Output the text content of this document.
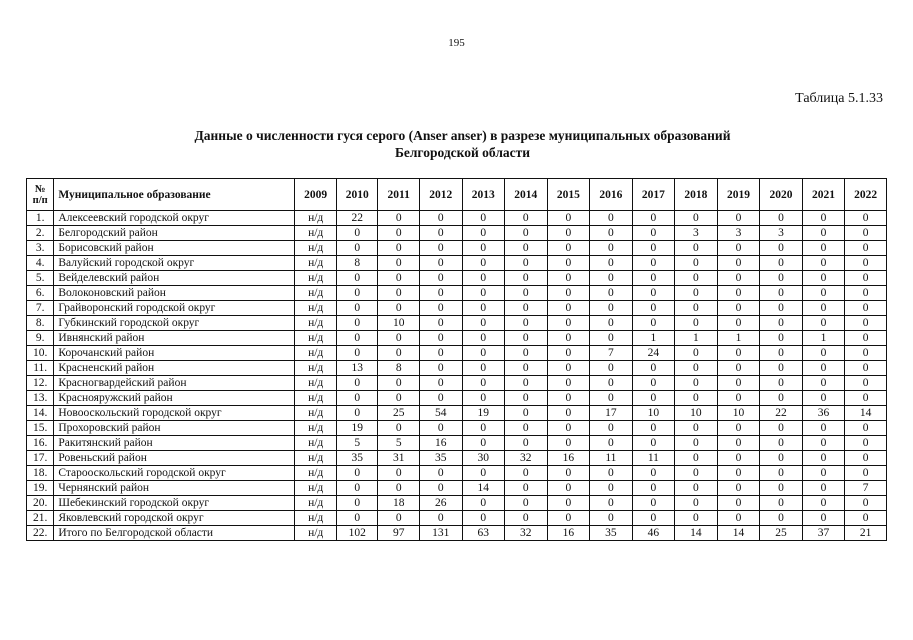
195
Таблица 5.1.33
Данные о численности гуся серого (Anser anser) в разрезе муниципальных образований
Белгородской области
№
п/п	Муниципальное образование	2009	2010	2011	2012	2013	2014	2015	2016	2017	2018	2019	2020	2021	2022
1.	Алексеевский городской округ	н/д	22	0	0	0	0	0	0	0	0	0	0	0	0
2.	Белгородский район	н/д	0	0	0	0	0	0	0	0	3	3	3	0	0
3.	Борисовский район	н/д	0	0	0	0	0	0	0	0	0	0	0	0	0
4.	Валуйский городской округ	н/д	8	0	0	0	0	0	0	0	0	0	0	0	0
5.	Вейделевский район	н/д	0	0	0	0	0	0	0	0	0	0	0	0	0
6.	Волоконовский район	н/д	0	0	0	0	0	0	0	0	0	0	0	0	0
7.	Грайворонский городской округ	н/д	0	0	0	0	0	0	0	0	0	0	0	0	0
8.	Губкинский городской округ	н/д	0	10	0	0	0	0	0	0	0	0	0	0	0
9.	Ивнянский район	н/д	0	0	0	0	0	0	0	1	1	1	0	1	0
10.	Корочанский район	н/д	0	0	0	0	0	0	7	24	0	0	0	0	0
11.	Красненский район	н/д	13	8	0	0	0	0	0	0	0	0	0	0	0
12.	Красногвардейский район	н/д	0	0	0	0	0	0	0	0	0	0	0	0	0
13.	Краснояружский район	н/д	0	0	0	0	0	0	0	0	0	0	0	0	0
14.	Новооскольский городской округ	н/д	0	25	54	19	0	0	17	10	10	10	22	36	14
15.	Прохоровский район	н/д	19	0	0	0	0	0	0	0	0	0	0	0	0
16.	Ракитянский район	н/д	5	5	16	0	0	0	0	0	0	0	0	0	0
17.	Ровеньский район	н/д	35	31	35	30	32	16	11	11	0	0	0	0	0
18.	Старооскольский городской округ	н/д	0	0	0	0	0	0	0	0	0	0	0	0	0
19.	Чернянский район	н/д	0	0	0	14	0	0	0	0	0	0	0	0	7
20.	Шебекинский городской округ	н/д	0	18	26	0	0	0	0	0	0	0	0	0	0
21.	Яковлевский городской округ	н/д	0	0	0	0	0	0	0	0	0	0	0	0	0
22.	Итого по Белгородской области	н/д	102	97	131	63	32	16	35	46	14	14	25	37	21
